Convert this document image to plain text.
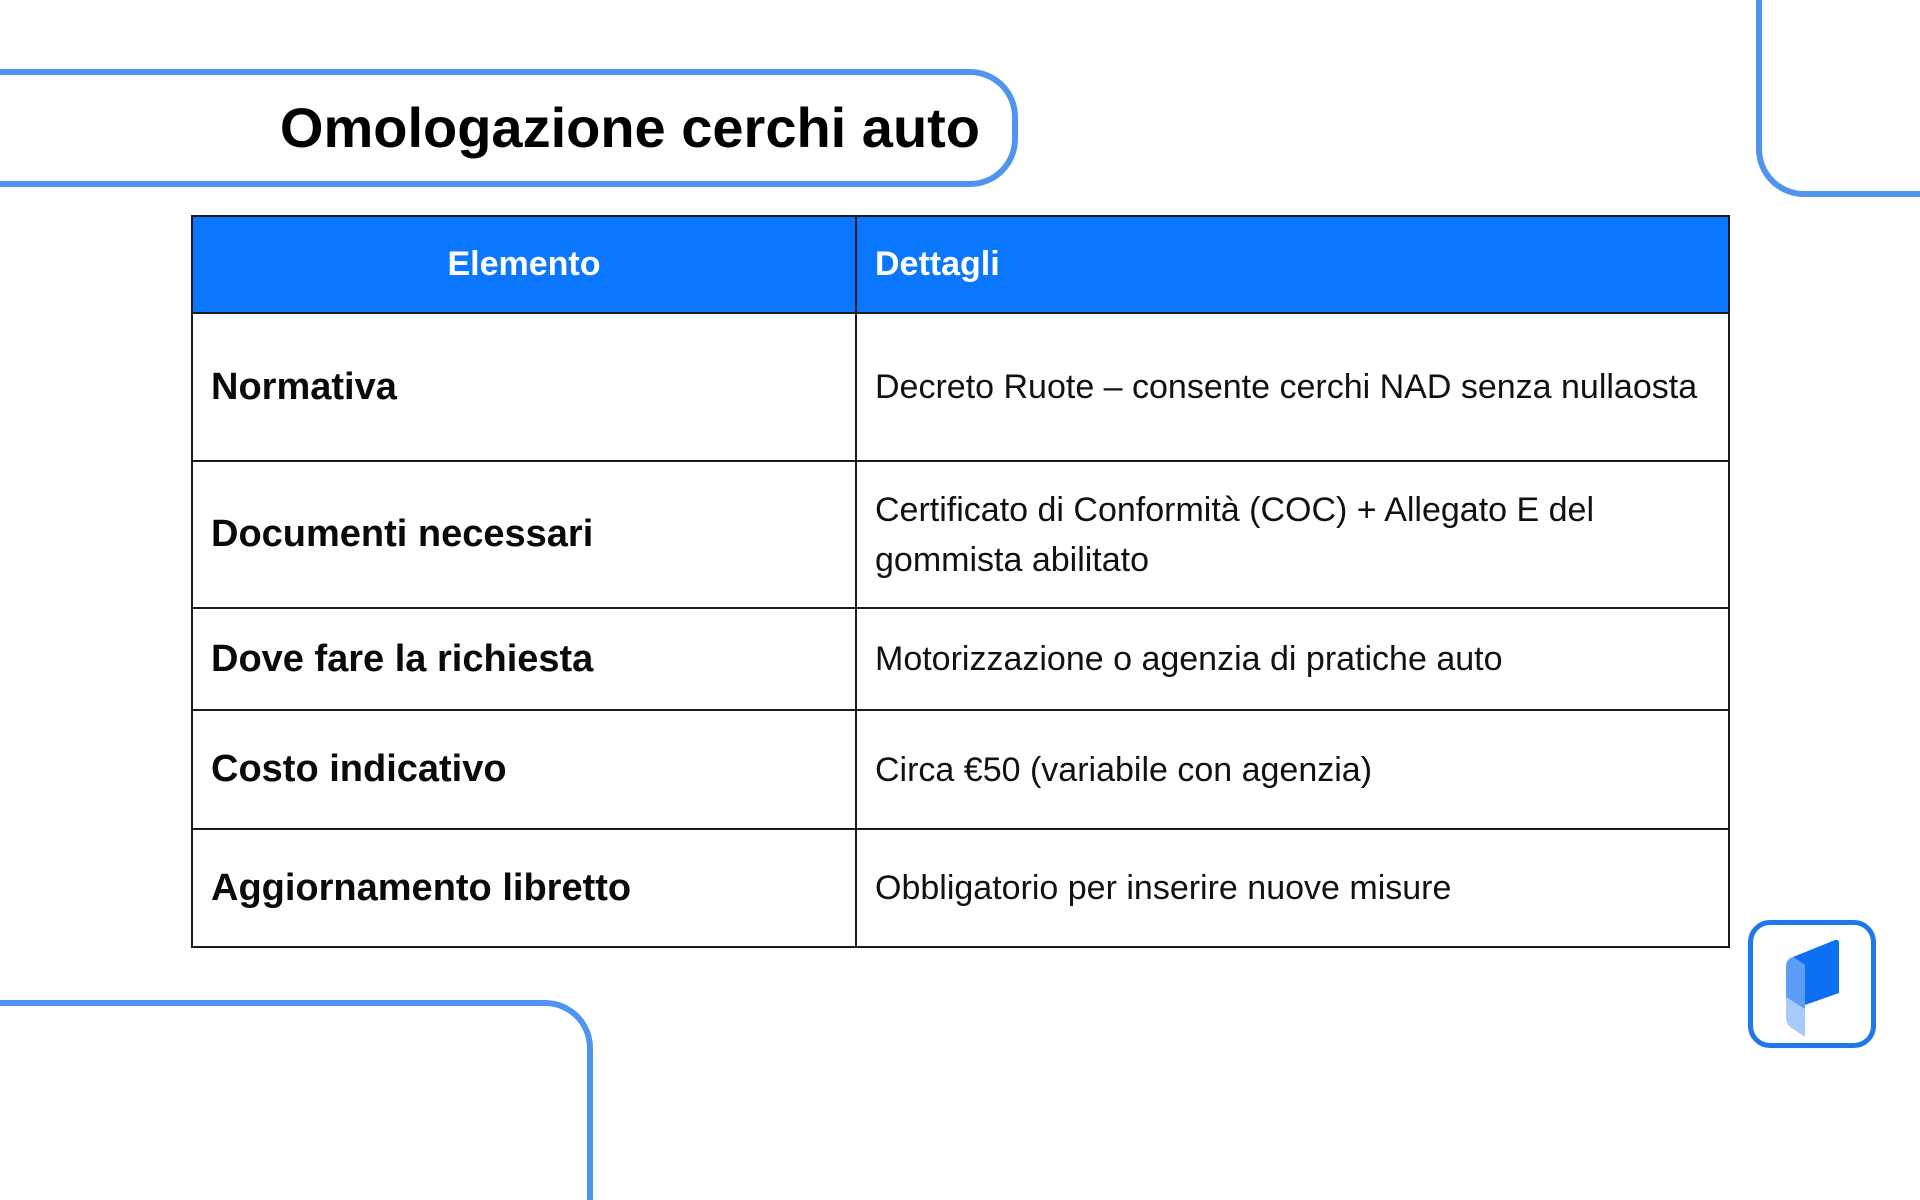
Omologazione cerchi auto
Elemento	Dettagli
Normativa	Decreto Ruote – consente cerchi NAD senza nullaosta
Documenti necessari	Certificato di Conformità (COC) + Allegato E del gommista abilitato
Dove fare la richiesta	Motorizzazione o agenzia di pratiche auto
Costo indicativo	Circa €50 (variabile con agenzia)
Aggiornamento libretto	Obbligatorio per inserire nuove misure
